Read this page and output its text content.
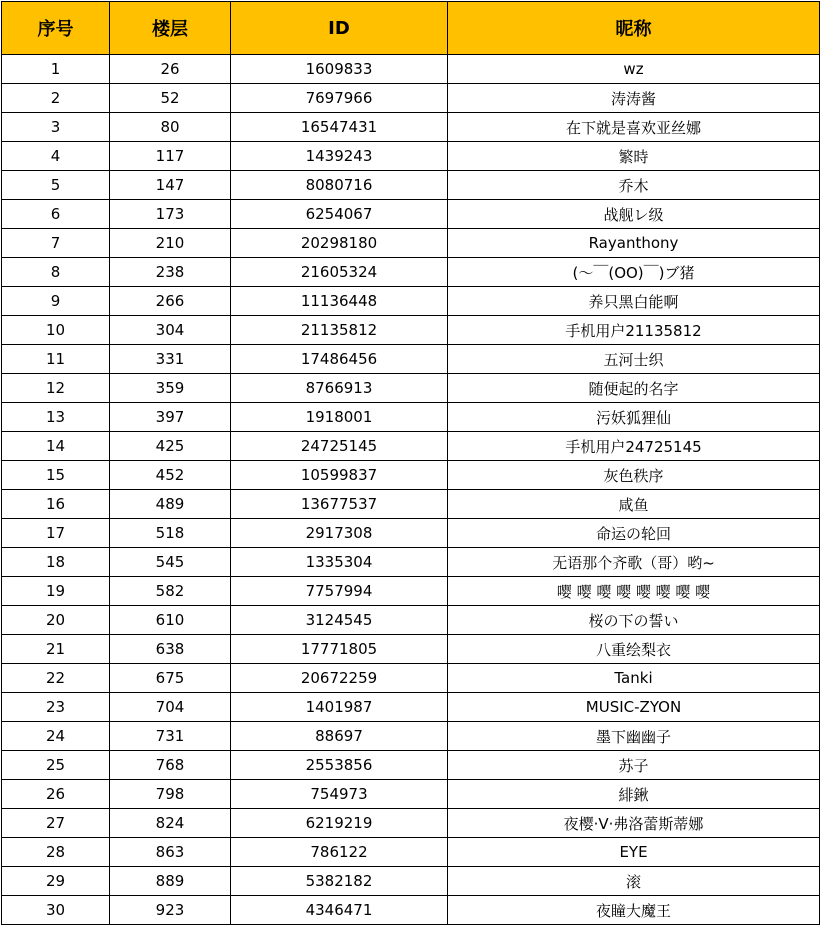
序号	楼层	ID	昵称
1	26	1609833	wz
2	52	7697966	涛涛酱
3	80	16547431	在下就是喜欢亚丝娜
4	117	1439243	繁時
5	147	8080716	乔木
6	173	6254067	战舰レ级
7	210	20298180	Rayanthony
8	238	21605324	(～￣(OO)￣)ブ猪
9	266	11136448	养只黑白能啊
10	304	21135812	手机用户21135812
11	331	17486456	五河士织
12	359	8766913	随便起的名字
13	397	1918001	污妖狐狸仙
14	425	24725145	手机用户24725145
15	452	10599837	灰色秩序
16	489	13677537	咸鱼
17	518	2917308	命运の轮回
18	545	1335304	无语那个齐歌（哥）哟~
19	582	7757994	嘤 嘤 嘤 嘤 嘤 嘤 嘤 嘤
20	610	3124545	桜の下の誓い
21	638	17771805	八重绘梨衣
22	675	20672259	Tanki
23	704	1401987	MUSIC-ZYON
24	731	88697	墨下幽幽子
25	768	2553856	苏子
26	798	754973	緋鍬
27	824	6219219	夜樱·V·弗洛蕾斯蒂娜
28	863	786122	EYE
29	889	5382182	滚
30	923	4346471	夜瞳大魔王
